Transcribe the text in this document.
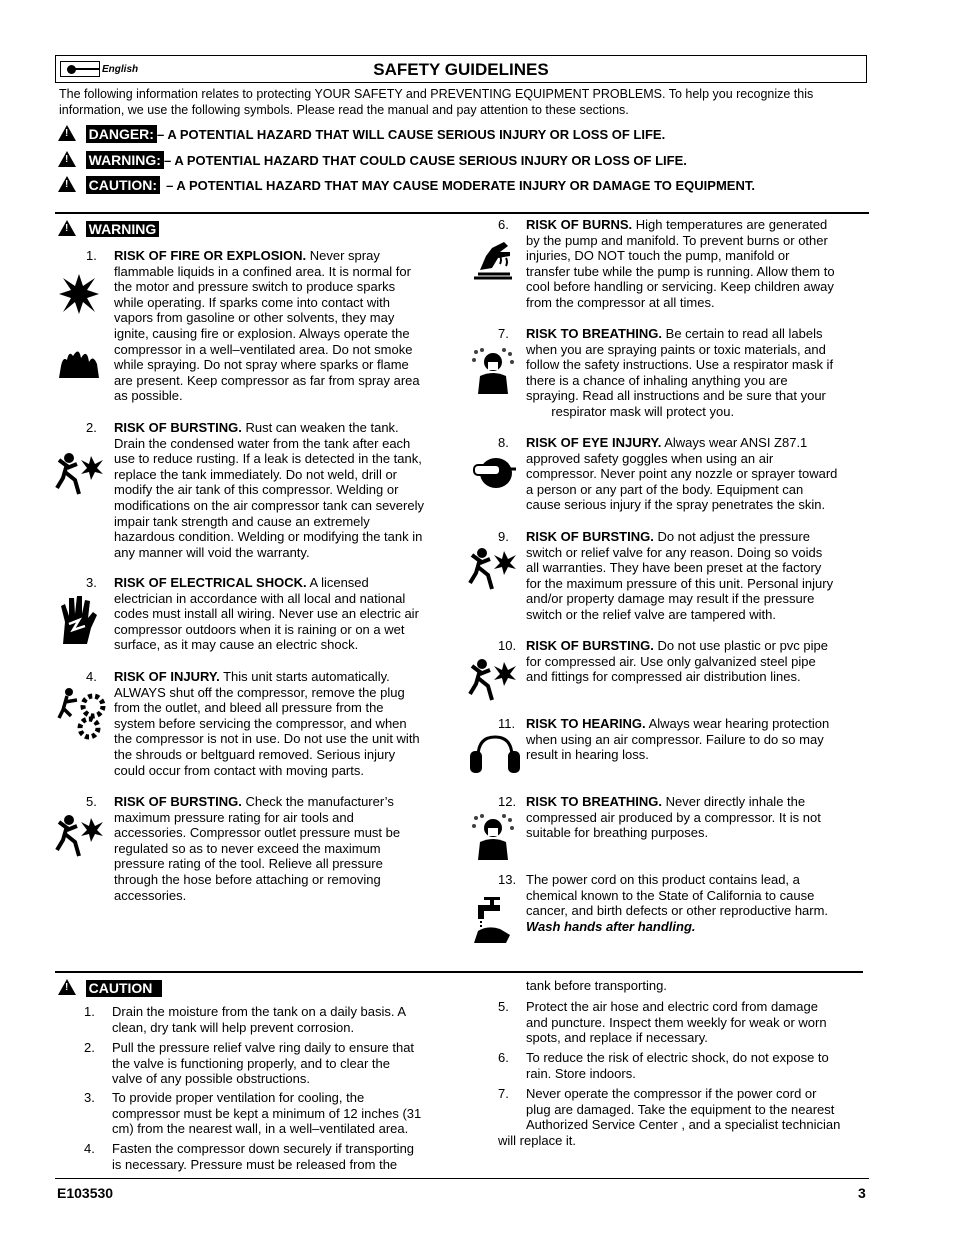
English	SAFETY GUIDELINES
The following information relates to protecting YOUR SAFETY and PREVENTING EQUIPMENT PROBLEMS. To help you recognize this information, we use the following symbols. Please read the manual and pay attention to these sections.
! DANGER: – A POTENTIAL HAZARD THAT WILL CAUSE SERIOUS INJURY OR LOSS OF LIFE.
! WARNING: – A POTENTIAL HAZARD THAT COULD CAUSE SERIOUS INJURY OR LOSS OF LIFE.
! CAUTION: – A POTENTIAL HAZARD THAT MAY CAUSE MODERATE INJURY OR DAMAGE TO EQUIPMENT.
! WARNING
1. RISK OF FIRE OR EXPLOSION. Never spray
flammable liquids in a confined area. It is normal for
the motor and pressure switch to produce sparks
while operating. If sparks come into contact with
vapors from gasoline or other solvents, they may
ignite, causing fire or explosion. Always operate the
compressor in a well–ventilated area. Do not smoke
while spraying. Do not spray where sparks or flame
are present. Keep compressor as far from spray area
as possible.
2. RISK OF BURSTING. Rust can weaken the tank.
Drain the condensed water from the tank after each
use to reduce rusting. If a leak is detected in the tank,
replace the tank immediately. Do not weld, drill or
modify the air tank of this compressor. Welding or
modifications on the air compressor tank can severely
impair tank strength and cause an extremely
hazardous condition. Welding or modifying the tank in
any manner will void the warranty.
3. RISK OF ELECTRICAL SHOCK. A licensed
electrician in accordance with all local and national
codes must install all wiring. Never use an electric air
compressor outdoors when it is raining or on a wet
surface, as it may cause an electric shock.
4. RISK OF INJURY. This unit starts automatically.
ALWAYS shut off the compressor, remove the plug
from the outlet, and bleed all pressure from the
system before servicing the compressor, and when
the compressor is not in use. Do not use the unit with
the shrouds or beltguard removed. Serious injury
could occur from contact with moving parts.
5. RISK OF BURSTING. Check the manufacturer’s
maximum pressure rating for air tools and
accessories. Compressor outlet pressure must be
regulated so as to never exceed the maximum
pressure rating of the tool. Relieve all pressure
through the hose before attaching or removing
accessories.
6. RISK OF BURNS. High temperatures are generated
by the pump and manifold. To prevent burns or other
injuries, DO NOT touch the pump, manifold or
transfer tube while the pump is running. Allow them to
cool before handling or servicing. Keep children away
from the compressor at all times.
7. RISK TO BREATHING. Be certain to read all labels
when you are spraying paints or toxic materials, and
follow the safety instructions. Use a respirator mask if
there is a chance of inhaling anything you are
spraying. Read all instructions and be sure that your
respirator mask will protect you.
8. RISK OF EYE INJURY. Always wear ANSI Z87.1
approved safety goggles when using an air
compressor. Never point any nozzle or sprayer toward
a person or any part of the body. Equipment can
cause serious injury if the spray penetrates the skin.
9. RISK OF BURSTING. Do not adjust the pressure
switch or relief valve for any reason. Doing so voids
all warranties. They have been preset at the factory
for the maximum pressure of this unit. Personal injury
and/or property damage may result if the pressure
switch or the relief valve are tampered with.
10. RISK OF BURSTING. Do not use plastic or pvc pipe
for compressed air. Use only galvanized steel pipe
and fittings for compressed air distribution lines.
11. RISK TO HEARING. Always wear hearing protection
when using an air compressor. Failure to do so may
result in hearing loss.
12. RISK TO BREATHING. Never directly inhale the
compressed air produced by a compressor. It is not
suitable for breathing purposes.
13. The power cord on this product contains lead, a
chemical known to the State of California to cause
cancer, and birth defects or other reproductive harm.
Wash hands after handling.
! CAUTION
1. Drain the moisture from the tank on a daily basis. A
clean, dry tank will help prevent corrosion.
2. Pull the pressure relief valve ring daily to ensure that
the valve is functioning properly, and to clear the
valve of any possible obstructions.
3. To provide proper ventilation for cooling, the
compressor must be kept a minimum of 12 inches (31
cm) from the nearest wall, in a well–ventilated area.
4. Fasten the compressor down securely if transporting
is necessary. Pressure must be released from the
tank before transporting.
5. Protect the air hose and electric cord from damage
and puncture. Inspect them weekly for weak or worn
spots, and replace if necessary.
6. To reduce the risk of electric shock, do not expose to
rain. Store indoors.
7. Never operate the compressor if the power cord or
plug are damaged. Take the equipment to the nearest
Authorized Service Center , and a specialist technician
will replace it.
E103530	3
